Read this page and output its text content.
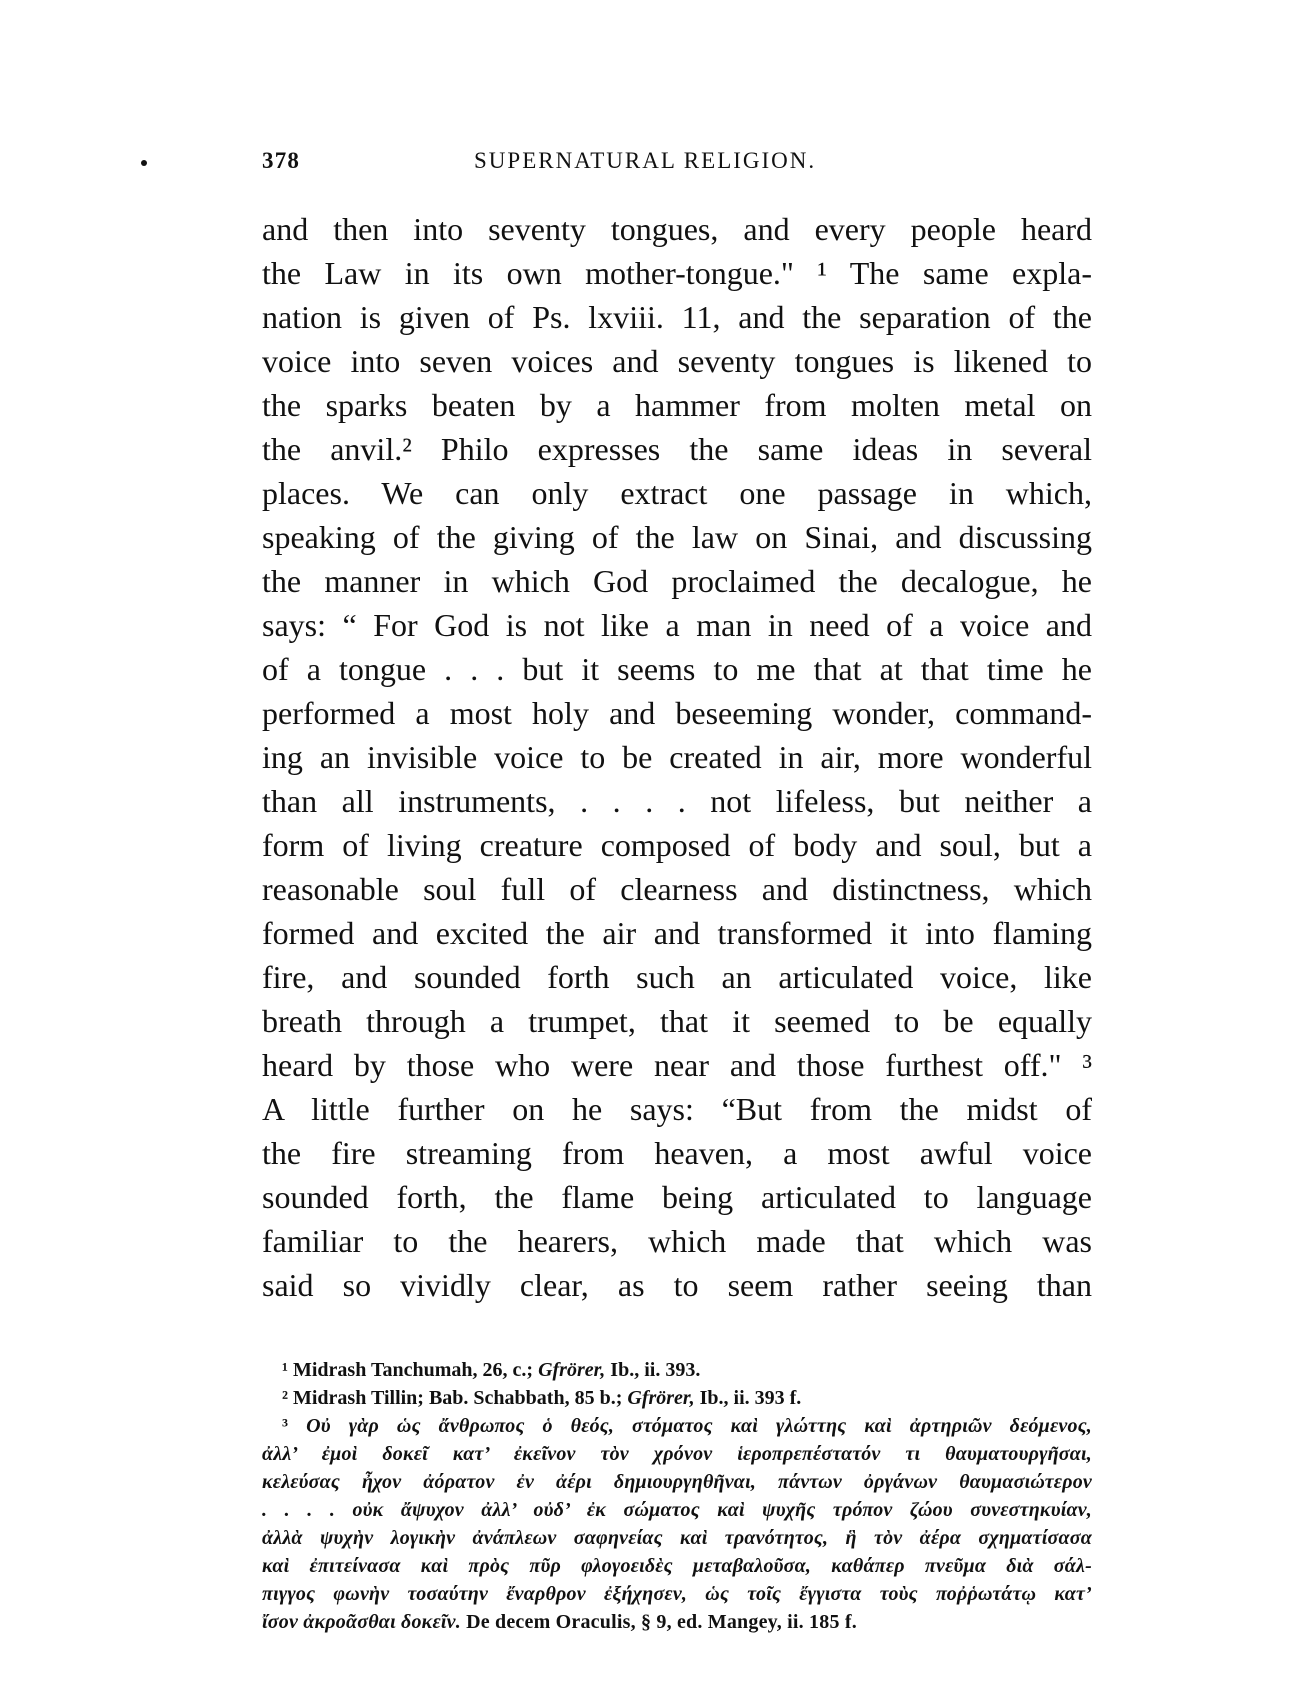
378	SUPERNATURAL RELIGION.
and then into seventy tongues, and every people heard
the Law in its own mother-tongue." ¹ The same expla-
nation is given of Ps. lxviii. 11, and the separation of the
voice into seven voices and seventy tongues is likened to
the sparks beaten by a hammer from molten metal on
the anvil.² Philo expresses the same ideas in several
places. We can only extract one passage in which,
speaking of the giving of the law on Sinai, and discussing
the manner in which God proclaimed the decalogue, he
says: “ For God is not like a man in need of a voice and
of a tongue . . . but it seems to me that at that time he
performed a most holy and beseeming wonder, command-
ing an invisible voice to be created in air, more wonderful
than all instruments, . . . . not lifeless, but neither a
form of living creature composed of body and soul, but a
reasonable soul full of clearness and distinctness, which
formed and excited the air and transformed it into flaming
fire, and sounded forth such an articulated voice, like
breath through a trumpet, that it seemed to be equally
heard by those who were near and those furthest off." ³
A little further on he says: “But from the midst of
the fire streaming from heaven, a most awful voice
sounded forth, the flame being articulated to language
familiar to the hearers, which made that which was
said so vividly clear, as to seem rather seeing than
¹ Midrash Tanchumah, 26, c.; Gfrörer, Ib., ii. 393.
² Midrash Tillin; Bab. Schabbath, 85 b.; Gfrörer, Ib., ii. 393 f.
³ Οὐ γὰρ ὡς ἄνθρωπος ὁ θεός, στόματος καὶ γλώττης καὶ ἀρτηριῶν δεόμενος,
ἀλλ’ ἐμοὶ δοκεῖ κατ’ ἐκεῖνον τὸν χρόνον ἱεροπρεπέστατόν τι θαυματουργῆσαι,
κελεύσας ἦχον ἀόρατον ἐν ἀέρι δημιουργηθῆναι, πάντων ὀργάνων θαυμασιώτερον
. . . . οὐκ ἄψυχον ἀλλ’ οὐδ’ ἐκ σώματος καὶ ψυχῆς τρόπον ζώου συνεστηκυίαν,
ἀλλὰ ψυχὴν λογικὴν ἀνάπλεων σαφηνείας καὶ τρανότητος, ἣ τὸν ἀέρα σχηματίσασα
καὶ ἐπιτείνασα καὶ πρὸς πῦρ φλογοειδὲς μεταβαλοῦσα, καθάπερ πνεῦμα διὰ σάλ-
πιγγος φωνὴν τοσαύτην ἔναρθρον ἐξήχησεν, ὡς τοῖς ἔγγιστα τοὺς ποῤῥωτάτῳ κατ’
ἴσον ἀκροᾶσθαι δοκεῖν. De decem Oraculis, § 9, ed. Mangey, ii. 185 f.
